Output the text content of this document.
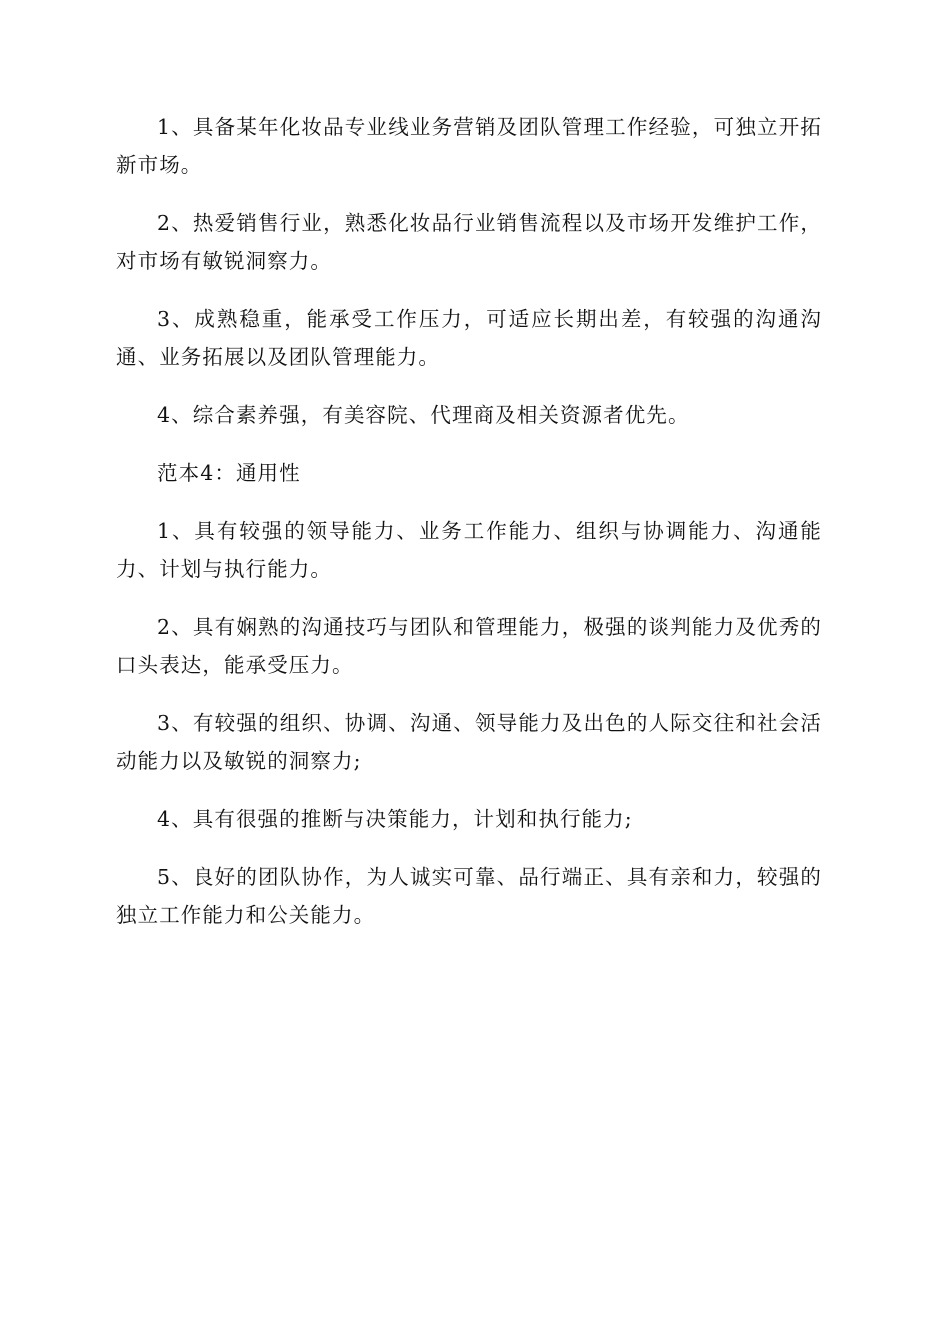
1、具备某年化妆品专业线业务营销及团队管理工作经验，可独立开拓新市场。

2、热爱销售行业，熟悉化妆品行业销售流程以及市场开发维护工作，对市场有敏锐洞察力。

3、成熟稳重，能承受工作压力，可适应长期出差，有较强的沟通沟通、业务拓展以及团队管理能力。

4、综合素养强，有美容院、代理商及相关资源者优先。

范本4：通用性

1、具有较强的领导能力、业务工作能力、组织与协调能力、沟通能力、计划与执行能力。

2、具有娴熟的沟通技巧与团队和管理能力，极强的谈判能力及优秀的口头表达，能承受压力。

3、有较强的组织、协调、沟通、领导能力及出色的人际交往和社会活动能力以及敏锐的洞察力;

4、具有很强的推断与决策能力，计划和执行能力;

5、良好的团队协作，为人诚实可靠、品行端正、具有亲和力，较强的独立工作能力和公关能力。
